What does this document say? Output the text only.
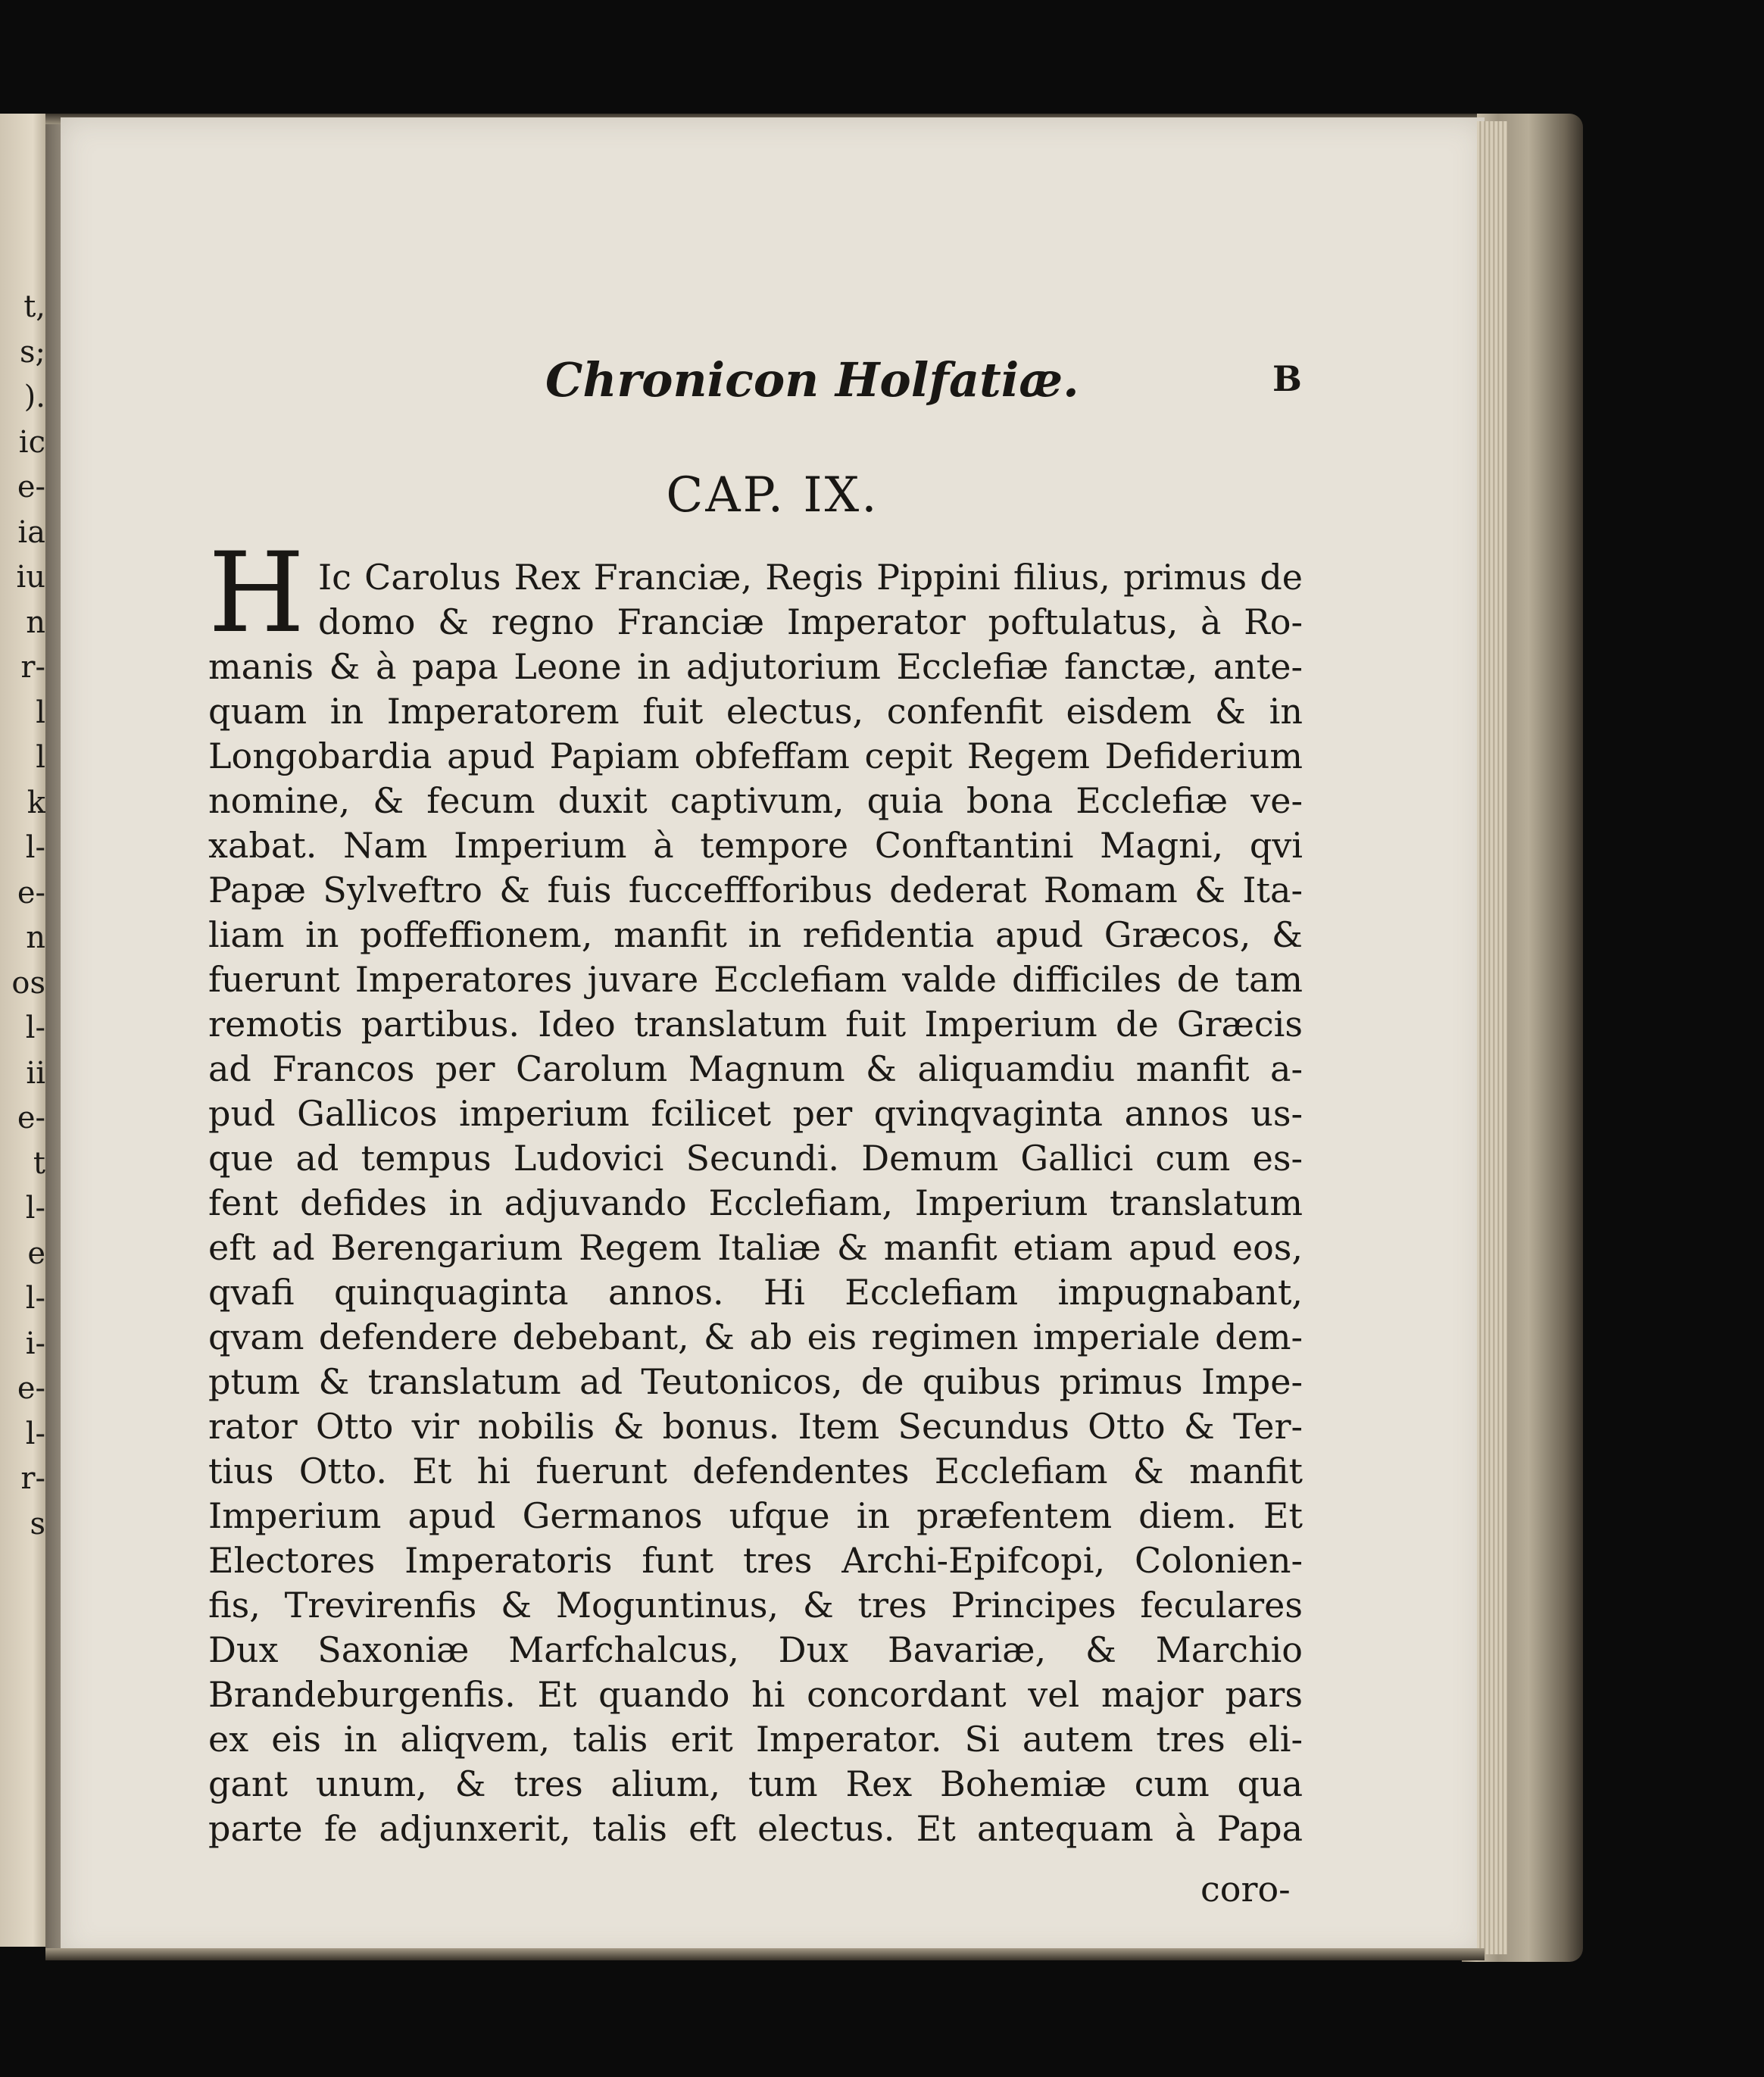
t,
s;
).
ic
e-
ia
iu
n
r-
l
l
k
l-
e-
n
os
l-
ii
e-
t
l-
e
l-
i-
e-
l-
r-
s
Chronicon Holfatiæ.	B
CAP. IX.
H Ic Carolus Rex Franciæ, Regis Pippini filius, primus de
domo & regno Franciæ Imperator poftulatus, à Ro-
manis & à papa Leone in adjutorium Ecclefiæ fanctæ, ante-
quam in Imperatorem fuit electus, confenfit eisdem & in
Longobardia apud Papiam obfeffam cepit Regem Defiderium
nomine, & fecum duxit captivum, quia bona Ecclefiæ ve-
xabat. Nam Imperium à tempore Conftantini Magni, qvi
Papæ Sylveftro & fuis fucceffforibus dederat Romam & Ita-
liam in poffeffionem, manfit in refidentia apud Græcos, &
fuerunt Imperatores juvare Ecclefiam valde difficiles de tam
remotis partibus. Ideo translatum fuit Imperium de Græcis
ad Francos per Carolum Magnum & aliquamdiu manfit a-
pud Gallicos imperium fcilicet per qvinqvaginta annos us-
que ad tempus Ludovici Secundi. Demum Gallici cum es-
fent defides in adjuvando Ecclefiam, Imperium translatum
eft ad Berengarium Regem Italiæ & manfit etiam apud eos,
qvafi quinquaginta annos. Hi Ecclefiam impugnabant,
qvam defendere debebant, & ab eis regimen imperiale dem-
ptum & translatum ad Teutonicos, de quibus primus Impe-
rator Otto vir nobilis & bonus. Item Secundus Otto & Ter-
tius Otto. Et hi fuerunt defendentes Ecclefiam & manfit
Imperium apud Germanos ufque in præfentem diem. Et
Electores Imperatoris funt tres Archi-Epifcopi, Colonien-
fis, Trevirenfis & Moguntinus, & tres Principes feculares
Dux Saxoniæ Marfchalcus, Dux Bavariæ, & Marchio
Brandeburgenfis. Et quando hi concordant vel major pars
ex eis in aliqvem, talis erit Imperator. Si autem tres eli-
gant unum, & tres alium, tum Rex Bohemiæ cum qua
parte fe adjunxerit, talis eft electus. Et antequam à Papa
coro-
